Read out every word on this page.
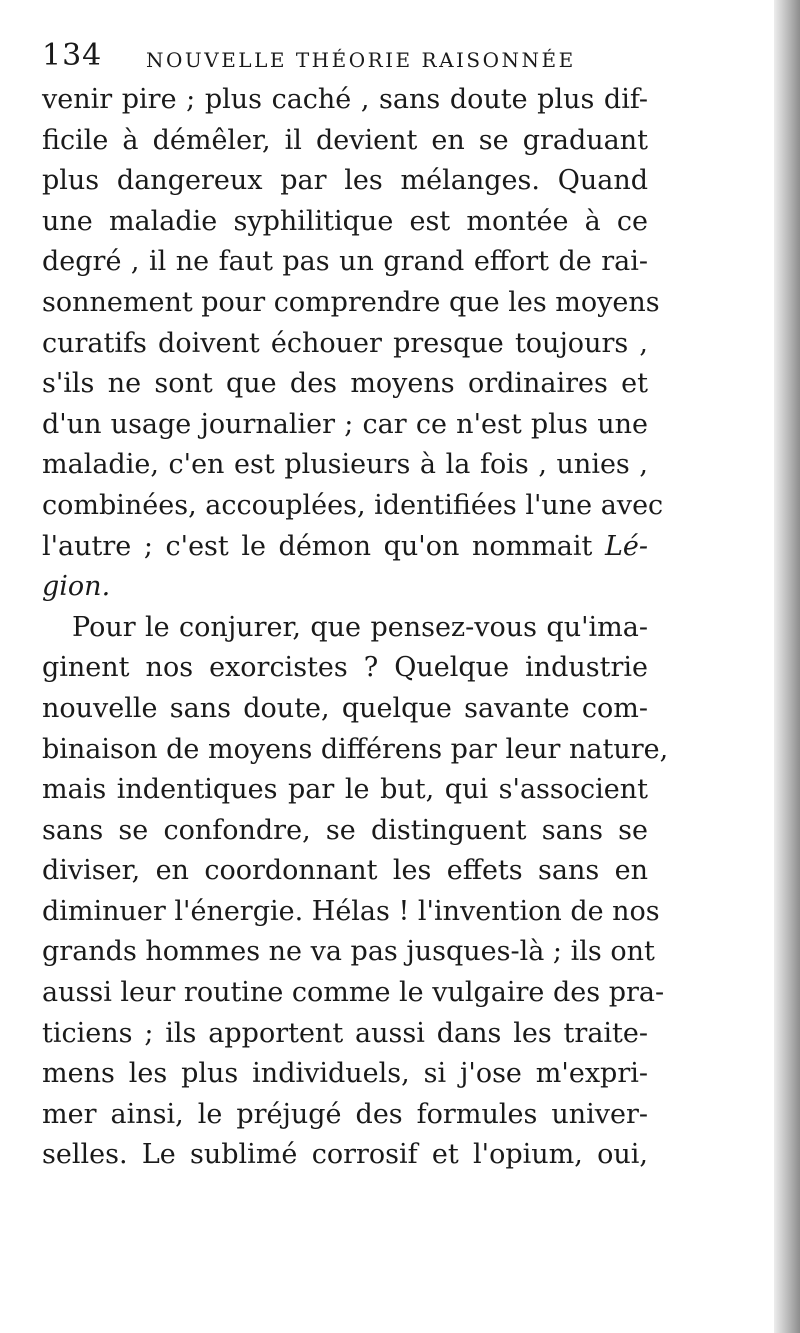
134 NOUVELLE THÉORIE RAISONNÉE
venir pire ; plus caché , sans doute plus dif-
ficile à démêler, il devient en se graduant
plus dangereux par les mélanges. Quand
une maladie syphilitique est montée à ce
degré , il ne faut pas un grand effort de rai-
sonnement pour comprendre que les moyens
curatifs doivent échouer presque toujours ,
s'ils ne sont que des moyens ordinaires et
d'un usage journalier ; car ce n'est plus une
maladie, c'en est plusieurs à la fois , unies ,
combinées, accouplées, identifiées l'une avec
l'autre ; c'est le démon qu'on nommait Lé-
gion.
Pour le conjurer, que pensez-vous qu'ima-
ginent nos exorcistes ? Quelque industrie
nouvelle sans doute, quelque savante com-
binaison de moyens différens par leur nature,
mais indentiques par le but, qui s'associent
sans se confondre, se distinguent sans se
diviser, en coordonnant les effets sans en
diminuer l'énergie. Hélas ! l'invention de nos
grands hommes ne va pas jusques-là ; ils ont
aussi leur routine comme le vulgaire des pra-
ticiens ; ils apportent aussi dans les traite-
mens les plus individuels, si j'ose m'expri-
mer ainsi, le préjugé des formules univer-
selles. Le sublimé corrosif et l'opium, oui,
